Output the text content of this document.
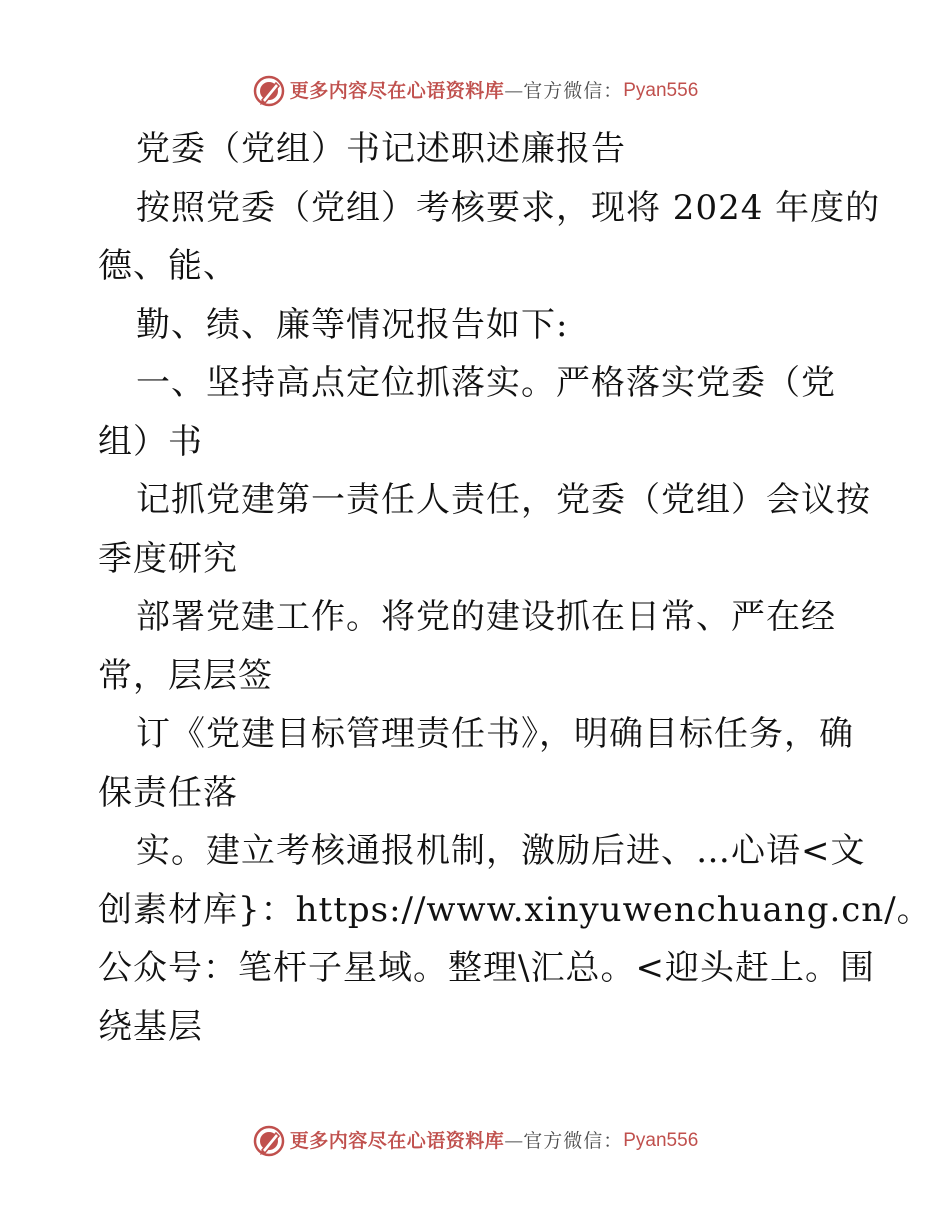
更多内容尽在心语资料库 — 官方微信： Pyan556
党委（党组）书记述职述廉报告
按照党委（党组）考核要求，现将 2024 年度的
德、能、
勤、绩、廉等情况报告如下:
一、坚持高点定位抓落实。严格落实党委（党
组）书
记抓党建第一责任人责任，党委（党组）会议按
季度研究
部署党建工作。将党的建设抓在日常、严在经
常，层层签
订《党建目标管理责任书》，明确目标任务，确
保责任落
实。建立考核通报机制，激励后进、…心语<文
创素材库}：https://www.xinyuwenchuang.cn/。
公众号：笔杆子星域。整理\汇总。<迎头赶上。围
绕基层
更多内容尽在心语资料库 — 官方微信： Pyan556
